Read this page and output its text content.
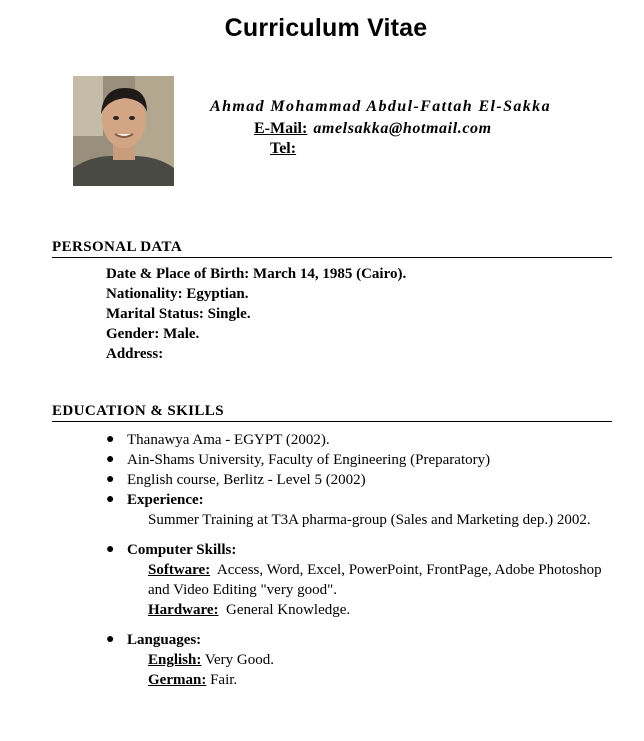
Curriculum Vitae
Ahmad Mohammad Abdul-Fattah El-Sakka
E-Mail: amelsakka@hotmail.com
Tel:
PERSONAL DATA
Date & Place of Birth: March 14, 1985 (Cairo).
Nationality: Egyptian.
Marital Status: Single.
Gender: Male.
Address:
EDUCATION & SKILLS
● Thanawya Ama - EGYPT (2002).
● Ain-Shams University, Faculty of Engineering (Preparatory)
● English course, Berlitz - Level 5 (2002)
● Experience:
Summer Training at T3A pharma-group (Sales and Marketing dep.) 2002.
● Computer Skills:
Software: Access, Word, Excel, PowerPoint, FrontPage, Adobe Photoshop and Video Editing "very good".
Hardware: General Knowledge.
● Languages:
English: Very Good.
German: Fair.
